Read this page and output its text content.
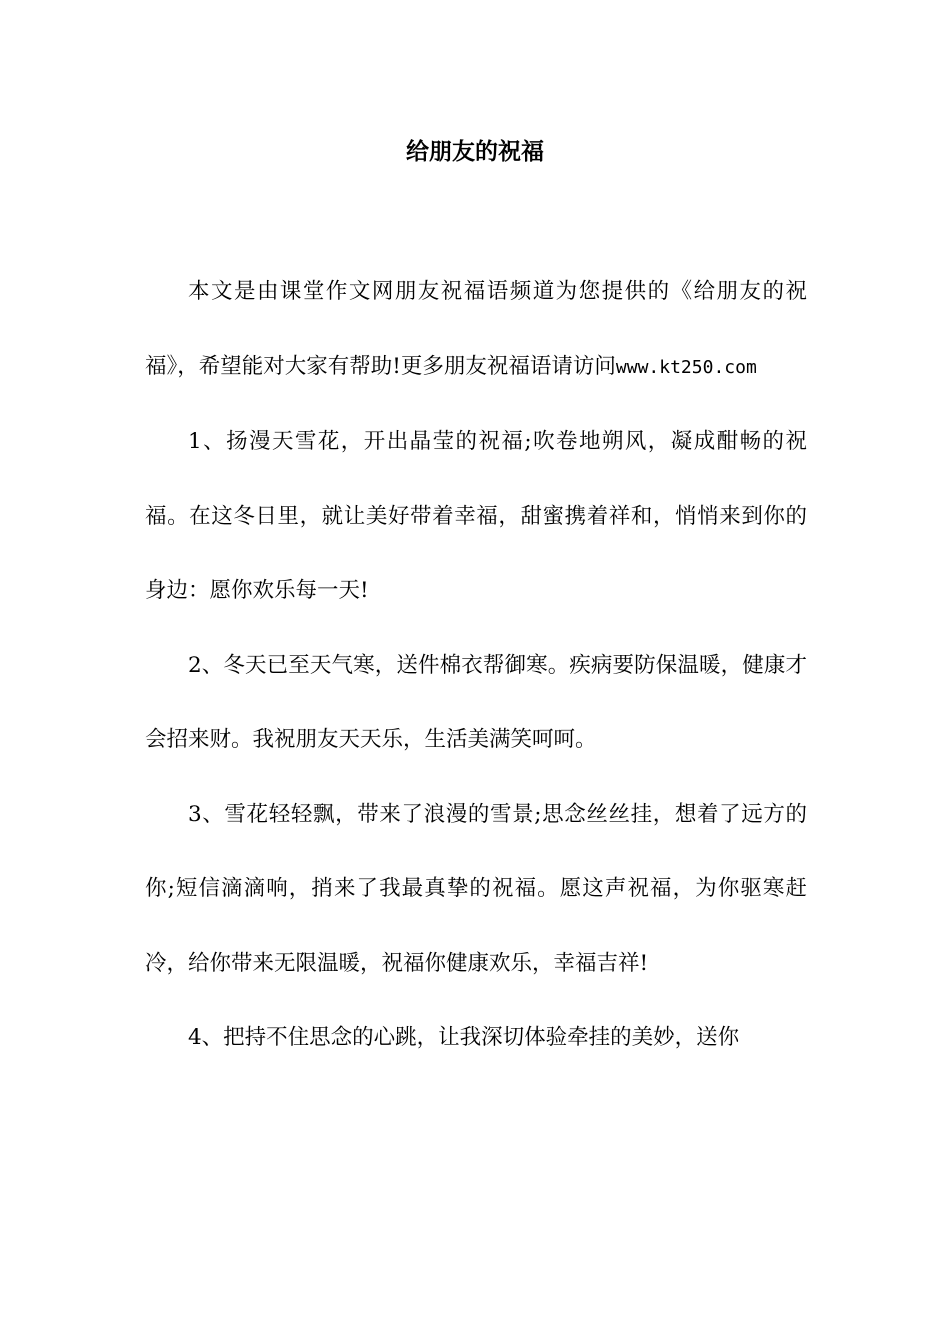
给朋友的祝福

本文是由课堂作文网朋友祝福语频道为您提供的《给朋友的祝福》，希望能对大家有帮助!更多朋友祝福语请访问www.kt250.com

1、扬漫天雪花，开出晶莹的祝福;吹卷地朔风，凝成酣畅的祝福。在这冬日里，就让美好带着幸福，甜蜜携着祥和，悄悄来到你的身边：愿你欢乐每一天!

2、冬天已至天气寒，送件棉衣帮御寒。疾病要防保温暖，健康才会招来财。我祝朋友天天乐，生活美满笑呵呵。

3、雪花轻轻飘，带来了浪漫的雪景;思念丝丝挂，想着了远方的你;短信滴滴响，捎来了我最真挚的祝福。愿这声祝福，为你驱寒赶冷，给你带来无限温暖，祝福你健康欢乐，幸福吉祥!

4、把持不住思念的心跳，让我深切体验牵挂的美妙，送你
